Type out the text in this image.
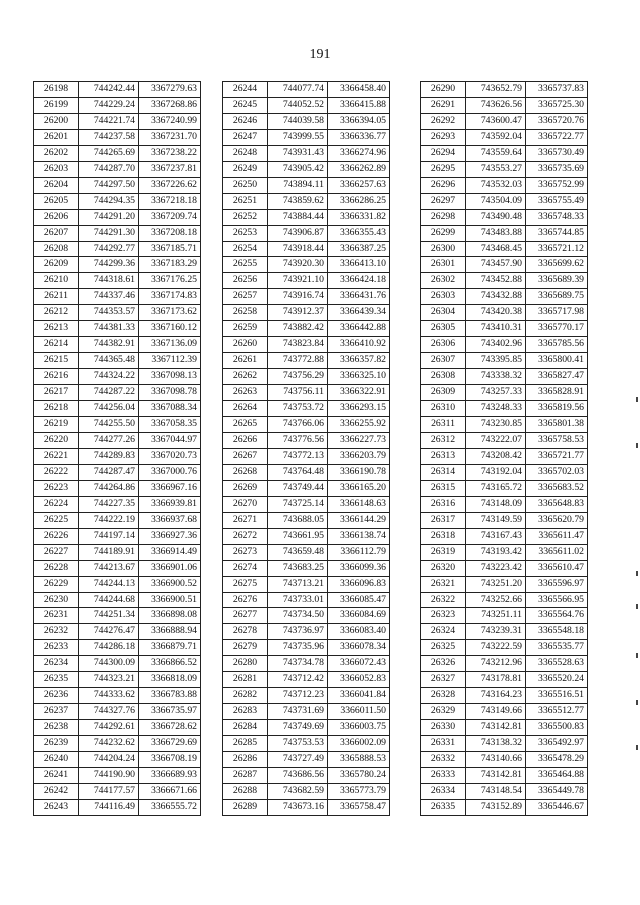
191
26198	744242.44	3367279.63
26199	744229.24	3367268.86
26200	744221.74	3367240.99
26201	744237.58	3367231.70
26202	744265.69	3367238.22
26203	744287.70	3367237.81
26204	744297.50	3367226.62
26205	744294.35	3367218.18
26206	744291.20	3367209.74
26207	744291.30	3367208.18
26208	744292.77	3367185.71
26209	744299.36	3367183.29
26210	744318.61	3367176.25
26211	744337.46	3367174.83
26212	744353.57	3367173.62
26213	744381.33	3367160.12
26214	744382.91	3367136.09
26215	744365.48	3367112.39
26216	744324.22	3367098.13
26217	744287.22	3367098.78
26218	744256.04	3367088.34
26219	744255.50	3367058.35
26220	744277.26	3367044.97
26221	744289.83	3367020.73
26222	744287.47	3367000.76
26223	744264.86	3366967.16
26224	744227.35	3366939.81
26225	744222.19	3366937.68
26226	744197.14	3366927.36
26227	744189.91	3366914.49
26228	744213.67	3366901.06
26229	744244.13	3366900.52
26230	744244.68	3366900.51
26231	744251.34	3366898.08
26232	744276.47	3366888.94
26233	744286.18	3366879.71
26234	744300.09	3366866.52
26235	744323.21	3366818.09
26236	744333.62	3366783.88
26237	744327.76	3366735.97
26238	744292.61	3366728.62
26239	744232.62	3366729.69
26240	744204.24	3366708.19
26241	744190.90	3366689.93
26242	744177.57	3366671.66
26243	744116.49	3366555.72
26244	744077.74	3366458.40
26245	744052.52	3366415.88
26246	744039.58	3366394.05
26247	743999.55	3366336.77
26248	743931.43	3366274.96
26249	743905.42	3366262.89
26250	743894.11	3366257.63
26251	743859.62	3366286.25
26252	743884.44	3366331.82
26253	743906.87	3366355.43
26254	743918.44	3366387.25
26255	743920.30	3366413.10
26256	743921.10	3366424.18
26257	743916.74	3366431.76
26258	743912.37	3366439.34
26259	743882.42	3366442.88
26260	743823.84	3366410.92
26261	743772.88	3366357.82
26262	743756.29	3366325.10
26263	743756.11	3366322.91
26264	743753.72	3366293.15
26265	743766.06	3366255.92
26266	743776.56	3366227.73
26267	743772.13	3366203.79
26268	743764.48	3366190.78
26269	743749.44	3366165.20
26270	743725.14	3366148.63
26271	743688.05	3366144.29
26272	743661.95	3366138.74
26273	743659.48	3366112.79
26274	743683.25	3366099.36
26275	743713.21	3366096.83
26276	743733.01	3366085.47
26277	743734.50	3366084.69
26278	743736.97	3366083.40
26279	743735.96	3366078.34
26280	743734.78	3366072.43
26281	743712.42	3366052.83
26282	743712.23	3366041.84
26283	743731.69	3366011.50
26284	743749.69	3366003.75
26285	743753.53	3366002.09
26286	743727.49	3365888.53
26287	743686.56	3365780.24
26288	743682.59	3365773.79
26289	743673.16	3365758.47
26290	743652.79	3365737.83
26291	743626.56	3365725.30
26292	743600.47	3365720.76
26293	743592.04	3365722.77
26294	743559.64	3365730.49
26295	743553.27	3365735.69
26296	743532.03	3365752.99
26297	743504.09	3365755.49
26298	743490.48	3365748.33
26299	743483.88	3365744.85
26300	743468.45	3365721.12
26301	743457.90	3365699.62
26302	743452.88	3365689.39
26303	743432.88	3365689.75
26304	743420.38	3365717.98
26305	743410.31	3365770.17
26306	743402.96	3365785.56
26307	743395.85	3365800.41
26308	743338.32	3365827.47
26309	743257.33	3365828.91
26310	743248.33	3365819.56
26311	743230.85	3365801.38
26312	743222.07	3365758.53
26313	743208.42	3365721.77
26314	743192.04	3365702.03
26315	743165.72	3365683.52
26316	743148.09	3365648.83
26317	743149.59	3365620.79
26318	743167.43	3365611.47
26319	743193.42	3365611.02
26320	743223.42	3365610.47
26321	743251.20	3365596.97
26322	743252.66	3365566.95
26323	743251.11	3365564.76
26324	743239.31	3365548.18
26325	743222.59	3365535.77
26326	743212.96	3365528.63
26327	743178.81	3365520.24
26328	743164.23	3365516.51
26329	743149.66	3365512.77
26330	743142.81	3365500.83
26331	743138.32	3365492.97
26332	743140.66	3365478.29
26333	743142.81	3365464.88
26334	743148.54	3365449.78
26335	743152.89	3365446.67
